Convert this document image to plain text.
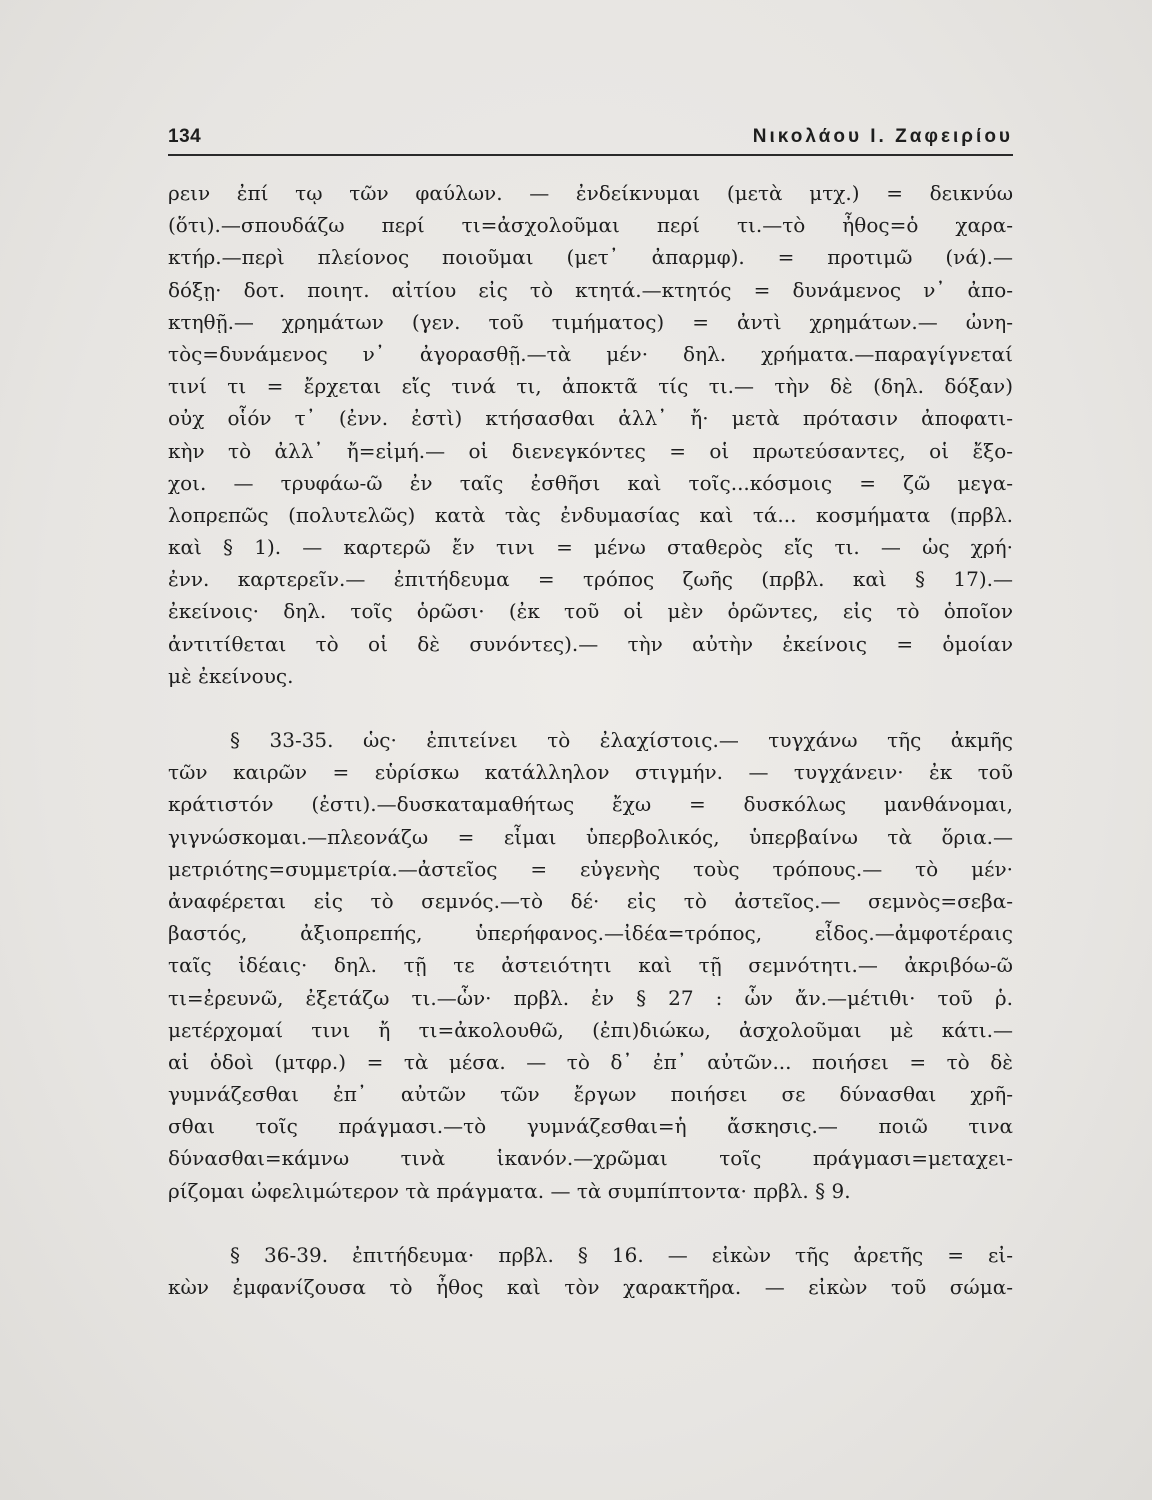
134	Νικολάου Ι. Ζαφειρίου
ρειν ἐπί τῳ τῶν φαύλων. — ἐνδείκνυμαι (μετὰ μτχ.) = δεικνύω
(ὅτι).—σπουδάζω περί τι=ἀσχολοῦμαι περί τι.—τὸ ἦθος=ὁ χαρα-
κτήρ.—περὶ πλείονος ποιοῦμαι (μετ᾽ ἀπαρμφ). = προτιμῶ (νά).—
δόξῃ· δοτ. ποιητ. αἰτίου εἰς τὸ κτητά.—κτητός = δυνάμενος ν᾽ ἀπο-
κτηθῇ.— χρημάτων (γεν. τοῦ τιμήματος) = ἀντὶ χρημάτων.— ὠνη-
τὸς=δυνάμενος ν᾽ ἀγορασθῇ.—τὰ μέν· δηλ. χρήματα.—παραγίγνεταί
τινί τι = ἔρχεται εἴς τινά τι, ἀποκτᾶ τίς τι.— τὴν δὲ (δηλ. δόξαν)
οὐχ οἷόν τ᾽ (ἐνν. ἐστὶ) κτήσασθαι ἀλλ᾽ ἤ· μετὰ πρότασιν ἀποφατι-
κὴν τὸ ἀλλ᾽ ἤ=εἰμή.— οἱ διενεγκόντες = οἱ πρωτεύσαντες, οἱ ἔξο-
χοι. — τρυφάω-ῶ ἐν ταῖς ἐσθῆσι καὶ τοῖς...κόσμοις = ζῶ μεγα-
λοπρεπῶς (πολυτελῶς) κατὰ τὰς ἐνδυμασίας καὶ τά... κοσμήματα (πρβλ.
καὶ § 1). — καρτερῶ ἔν τινι = μένω σταθερὸς εἴς τι. — ὡς χρή·
ἐνν. καρτερεῖν.— ἐπιτήδευμα = τρόπος ζωῆς (πρβλ. καὶ § 17).—
ἐκείνοις· δηλ. τοῖς ὁρῶσι· (ἐκ τοῦ οἱ μὲν ὁρῶντες, εἰς τὸ ὁποῖον
ἀντιτίθεται τὸ οἱ δὲ συνόντες).— τὴν αὐτὴν ἐκείνοις = ὁμοίαν
μὲ ἐκείνους.
§ 33-35. ὡς· ἐπιτείνει τὸ ἐλαχίστοις.— τυγχάνω τῆς ἀκμῆς
τῶν καιρῶν = εὑρίσκω κατάλληλον στιγμήν. — τυγχάνειν· ἐκ τοῦ
κράτιστόν (ἐστι).—δυσκαταμαθήτως ἔχω = δυσκόλως μανθάνομαι,
γιγνώσκομαι.—πλεονάζω = εἶμαι ὑπερβολικός, ὑπερβαίνω τὰ ὅρια.—
μετριότης=συμμετρία.—ἀστεῖος = εὐγενὴς τοὺς τρόπους.— τὸ μέν·
ἀναφέρεται εἰς τὸ σεμνός.—τὸ δέ· εἰς τὸ ἀστεῖος.— σεμνὸς=σεβα-
βαστός, ἀξιοπρεπής, ὑπερήφανος.—ἰδέα=τρόπος, εἶδος.—ἀμφοτέραις
ταῖς ἰδέαις· δηλ. τῇ τε ἀστειότητι καὶ τῇ σεμνότητι.— ἀκριβόω-ῶ
τι=ἐρευνῶ, ἐξετάζω τι.—ὧν· πρβλ. ἐν § 27 : ὧν ἄν.—μέτιθι· τοῦ ῥ.
μετέρχομαί τινι ἤ τι=ἀκολουθῶ, (ἐπι)διώκω, ἀσχολοῦμαι μὲ κάτι.—
αἱ ὁδοὶ (μτφρ.) = τὰ μέσα. — τὸ δ᾽ ἐπ᾽ αὐτῶν... ποιήσει = τὸ δὲ
γυμνάζεσθαι ἐπ᾽ αὐτῶν τῶν ἔργων ποιήσει σε δύνασθαι χρῆ-
σθαι τοῖς πράγμασι.—τὸ γυμνάζεσθαι=ἡ ἄσκησις.— ποιῶ τινα
δύνασθαι=κάμνω τινὰ ἱκανόν.—χρῶμαι τοῖς πράγμασι=μεταχει-
ρίζομαι ὠφελιμώτερον τὰ πράγματα. — τὰ συμπίπτοντα· πρβλ. § 9.
§ 36-39. ἐπιτήδευμα· πρβλ. § 16. — εἰκὼν τῆς ἀρετῆς = εἰ-
κὼν ἐμφανίζουσα τὸ ἦθος καὶ τὸν χαρακτῆρα. — εἰκὼν τοῦ σώμα-
